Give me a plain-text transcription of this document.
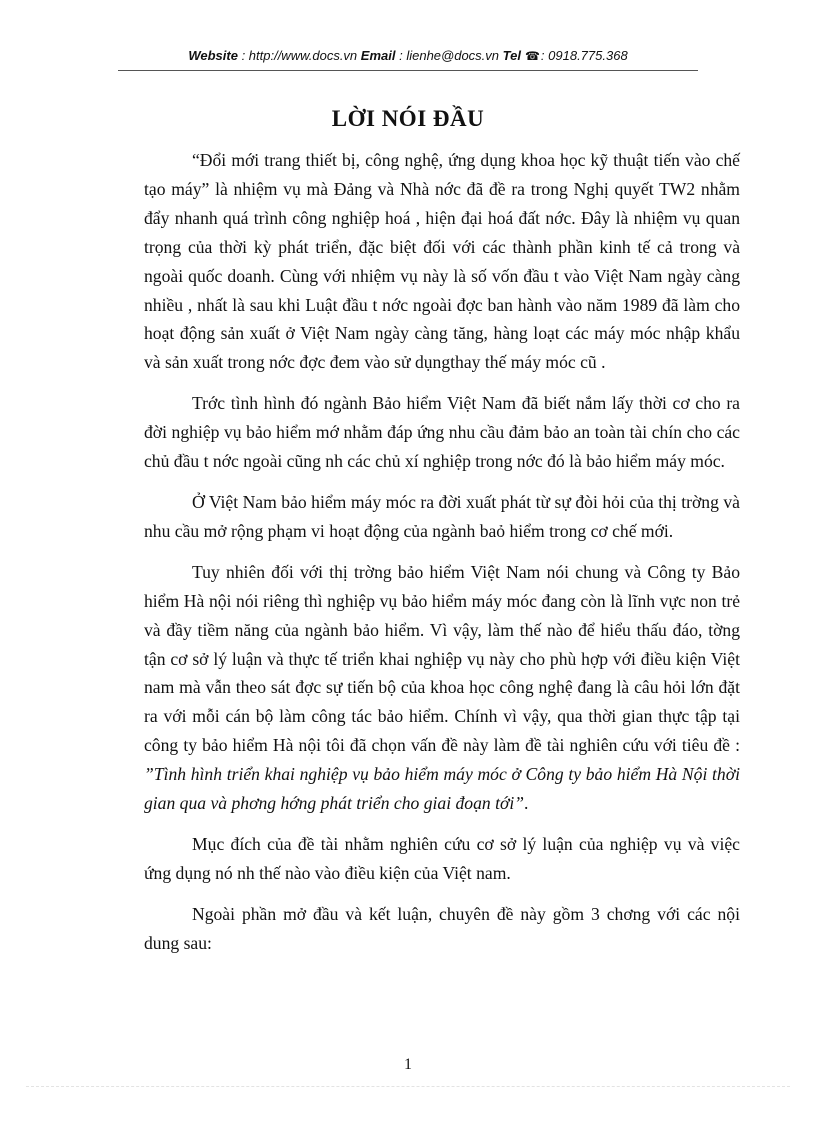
Website : http://www.docs.vn Email : lienhe@docs.vn Tel ☎: 0918.775.368
LỜI NÓI ĐẦU

“Đổi mới trang thiết bị, công nghệ, ứng dụng khoa học kỹ thuật tiến vào chế tạo máy” là nhiệm vụ mà Đảng và Nhà nớc đã đề ra trong Nghị quyết TW2 nhằm đẩy nhanh quá trình công nghiệp hoá , hiện đại hoá đất nớc. Đây là nhiệm vụ quan trọng của thời kỳ phát triển, đặc biệt đối với các thành phần kinh tế cả trong và ngoài quốc doanh. Cùng với nhiệm vụ này là số vốn đầu t vào Việt Nam ngày càng nhiều , nhất là sau khi Luật đầu t nớc ngoài đợc ban hành vào năm 1989 đã làm cho hoạt động sản xuất ở Việt Nam ngày càng tăng, hàng loạt các máy móc nhập khẩu và sản xuất trong nớc đợc đem vào sử dụngthay thế máy móc cũ .

Trớc tình hình đó ngành Bảo hiểm Việt Nam đã biết nắm lấy thời cơ cho ra đời nghiệp vụ bảo hiểm mớ nhằm đáp ứng nhu cầu đảm bảo an toàn tài chín cho các chủ đầu t nớc ngoài cũng nh các chủ xí nghiệp trong nớc đó là bảo hiểm máy móc.

Ở Việt Nam bảo hiểm máy móc ra đời xuất phát từ sự đòi hỏi của thị trờng và nhu cầu mở rộng phạm vi hoạt động của ngành baỏ hiểm trong cơ chế mới.

Tuy nhiên đối với thị trờng bảo hiểm Việt Nam nói chung và Công ty Bảo hiểm Hà nội nói riêng thì nghiệp vụ bảo hiểm máy móc đang còn là lĩnh vực non trẻ và đầy tiềm năng của ngành bảo hiểm. Vì vậy, làm thế nào để hiểu thấu đáo, tờng tận cơ sở lý luận và thực tế triển khai nghiệp vụ này cho phù hợp với điều kiện Việt nam mà vẫn theo sát đợc sự tiến bộ của khoa học công nghệ đang là câu hỏi lớn đặt ra với mỗi cán bộ làm công tác bảo hiểm. Chính vì vậy, qua thời gian thực tập tại công ty bảo hiểm Hà nội tôi đã chọn vấn đề này làm đề tài nghiên cứu với tiêu đề : ”Tình hình triển khai nghiệp vụ bảo hiểm máy móc ở Công ty bảo hiểm Hà Nội thời gian qua và phơng hớng phát triển cho giai đoạn tới”.

Mục đích của đề tài nhằm nghiên cứu cơ sở lý luận của nghiệp vụ và việc ứng dụng nó nh thế nào vào điều kiện của Việt nam.

Ngoài phần mở đầu và kết luận, chuyên đề này gồm 3 chơng với các nội dung sau:

1
